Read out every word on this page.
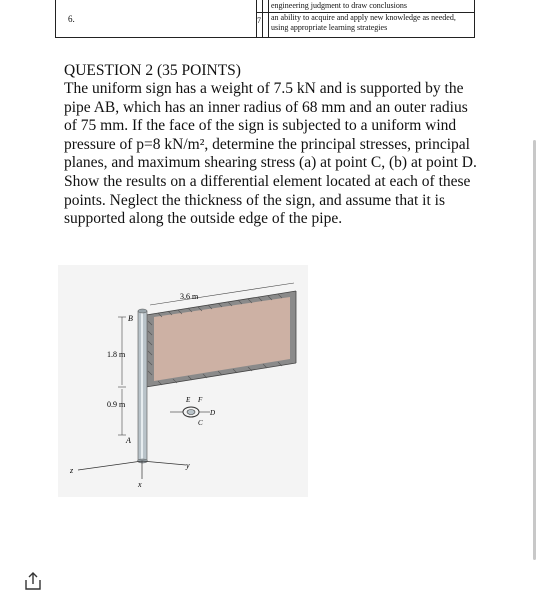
6.	7
engineering judgment to draw conclusions
an ability to acquire and apply new knowledge as needed, using appropriate learning strategies
QUESTION 2 (35 POINTS)
The uniform sign has a weight of 7.5 kN and is supported by the pipe AB, which has an inner radius of 68 mm and an outer radius of 75 mm. If the face of the sign is subjected to a uniform wind pressure of p=8 kN/m², determine the principal stresses, principal planes, and maximum shearing stress (a) at point C, (b) at point D. Show the results on a differential element located at each of these points. Neglect the thickness of the sign, and assume that it is supported along the outside edge of the pipe.
3.6 m
1.8 m
0.9 m
B
A
E F
C
D
x
y
z
